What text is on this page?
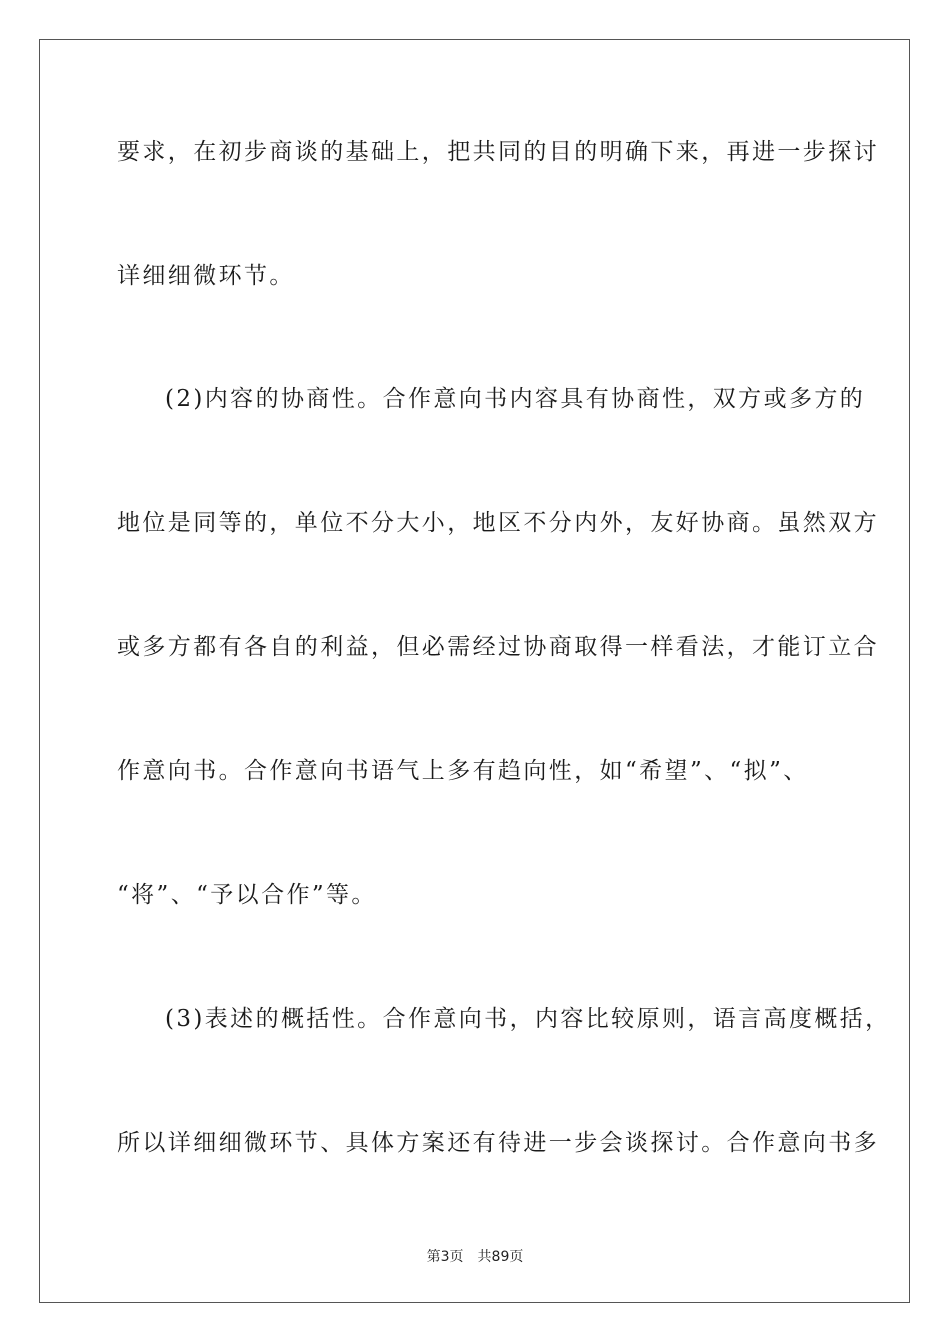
要求，在初步商谈的基础上，把共同的目的明确下来，再进一步探讨
详细细微环节。
(2)内容的协商性。合作意向书内容具有协商性，双方或多方的
地位是同等的，单位不分大小，地区不分内外，友好协商。虽然双方
或多方都有各自的利益，但必需经过协商取得一样看法，才能订立合
作意向书。合作意向书语气上多有趋向性，如“希望”、“拟”、
“将”、“予以合作”等。
(3)表述的概括性。合作意向书，内容比较原则，语言高度概括，
所以详细细微环节、具体方案还有待进一步会谈探讨。合作意向书多
第3页 共89页
